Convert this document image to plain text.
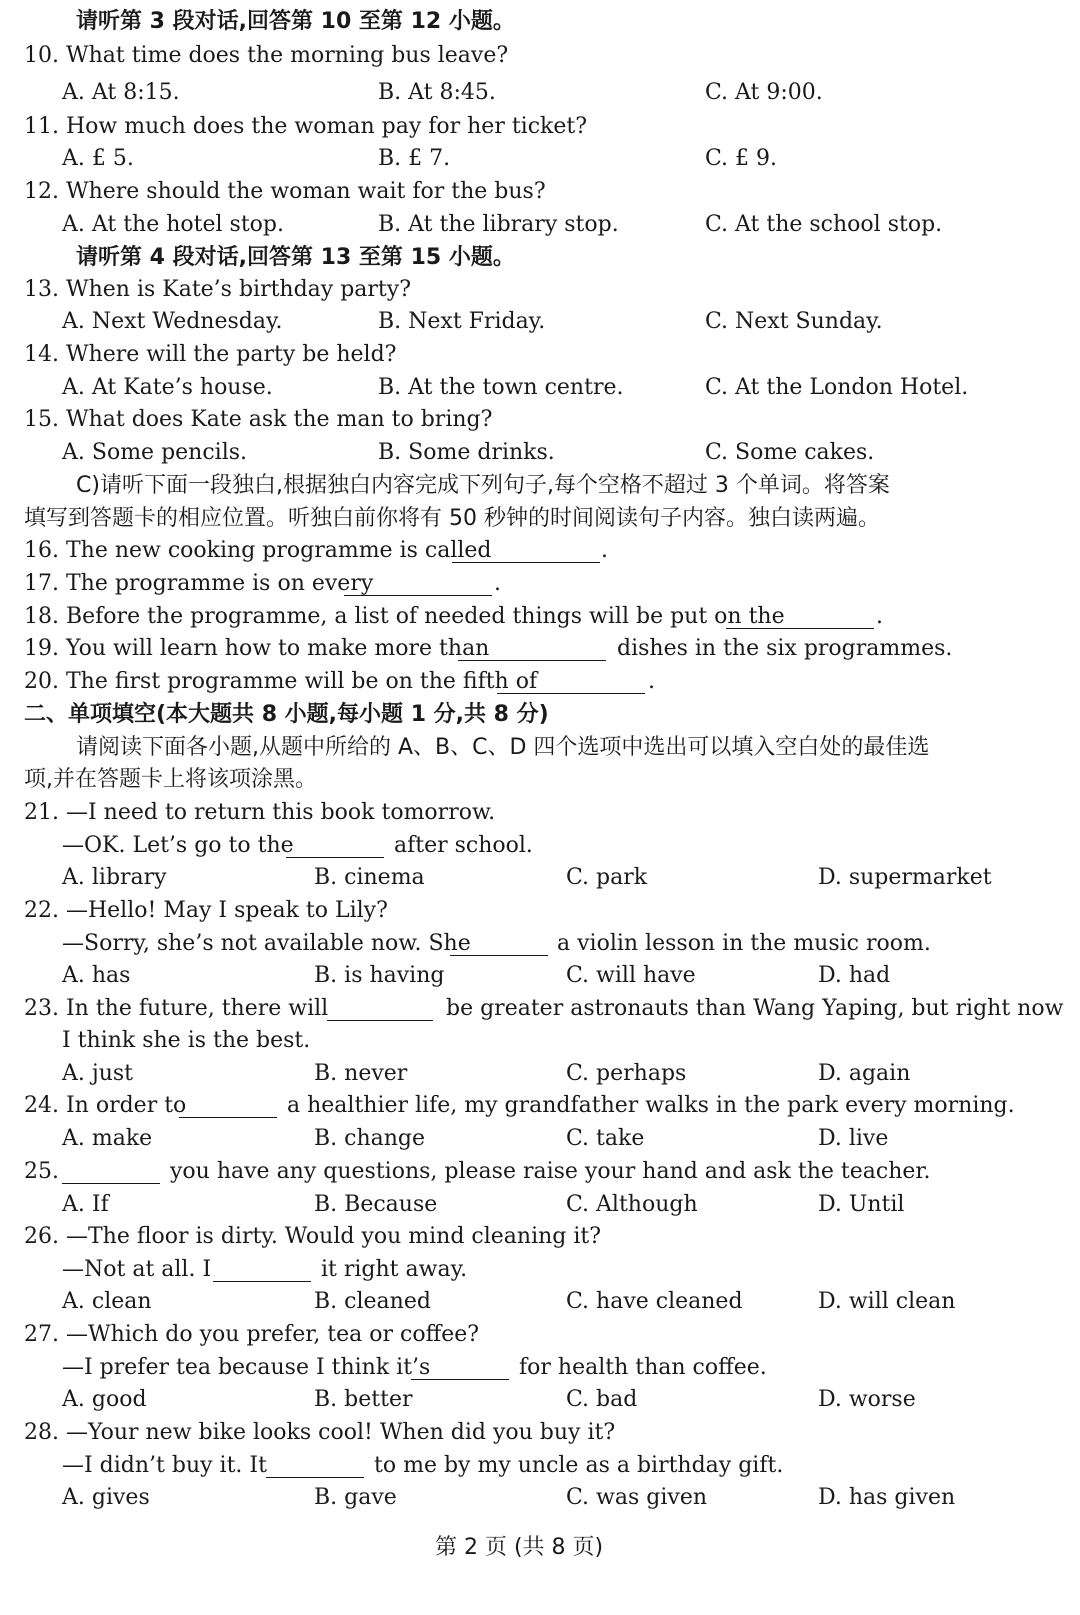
请听第 3 段对话,回答第 10 至第 12 小题。
10. What time does the morning bus leave?
A. At 8:15.	B. At 8:45.	C. At 9:00.
11. How much does the woman pay for her ticket?
A. £ 5.	B. £ 7.	C. £ 9.
12. Where should the woman wait for the bus?
A. At the hotel stop.	B. At the library stop.	C. At the school stop.
请听第 4 段对话,回答第 13 至第 15 小题。
13. When is Kate’s birthday party?
A. Next Wednesday.	B. Next Friday.	C. Next Sunday.
14. Where will the party be held?
A. At Kate’s house.	B. At the town centre.	C. At the London Hotel.
15. What does Kate ask the man to bring?
A. Some pencils.	B. Some drinks.	C. Some cakes.
C)请听下面一段独白,根据独白内容完成下列句子,每个空格不超过 3 个单词。将答案
填写到答题卡的相应位置。听独白前你将有 50 秒钟的时间阅读句子内容。独白读两遍。
16. The new cooking programme is called	.
17. The programme is on every	.
18. Before the programme, a list of needed things will be put on the	.
19. You will learn how to make more than	dishes in the six programmes.
20. The first programme will be on the fifth of	.
二、单项填空(本大题共 8 小题,每小题 1 分,共 8 分)
请阅读下面各小题,从题中所给的 A、B、C、D 四个选项中选出可以填入空白处的最佳选
项,并在答题卡上将该项涂黑。
21. —I need to return this book tomorrow.
—OK. Let’s go to the	after school.
A. library	B. cinema	C. park	D. supermarket
22. —Hello! May I speak to Lily?
—Sorry, she’s not available now. She	a violin lesson in the music room.
A. has	B. is having	C. will have	D. had
23. In the future, there will	be greater astronauts than Wang Yaping, but right now
I think she is the best.
A. just	B. never	C. perhaps	D. again
24. In order to	a healthier life, my grandfather walks in the park every morning.
A. make	B. change	C. take	D. live
25.	you have any questions, please raise your hand and ask the teacher.
A. If	B. Because	C. Although	D. Until
26. —The floor is dirty. Would you mind cleaning it?
—Not at all. I	it right away.
A. clean	B. cleaned	C. have cleaned	D. will clean
27. —Which do you prefer, tea or coffee?
—I prefer tea because I think it’s	for health than coffee.
A. good	B. better	C. bad	D. worse
28. —Your new bike looks cool! When did you buy it?
—I didn’t buy it. It	to me by my uncle as a birthday gift.
A. gives	B. gave	C. was given	D. has given
第 2 页 (共 8 页)
